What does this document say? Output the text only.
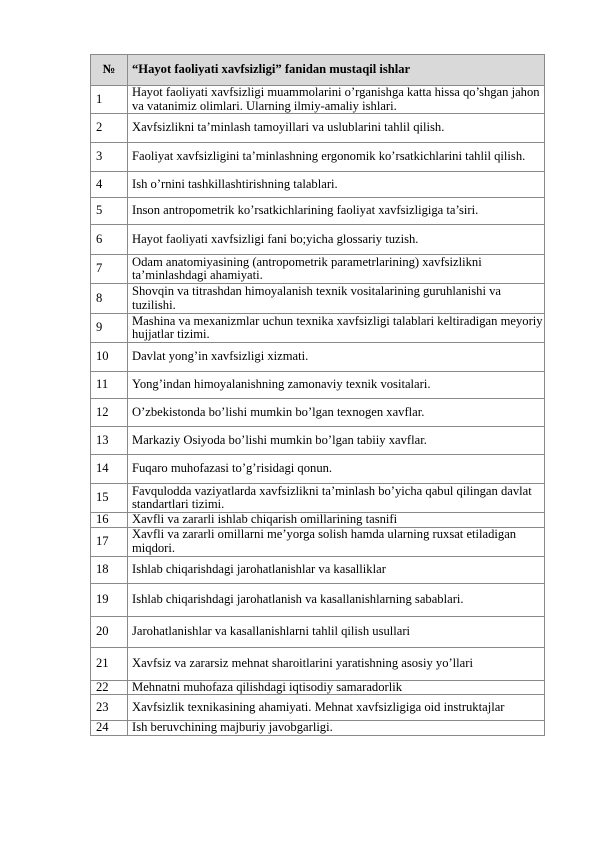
№	“Hayot faoliyati xavfsizligi” fanidan mustaqil ishlar
1	Hayot faoliyati xavfsizligi muammolarini o’rganishga katta hissa qo’shgan jahon va vatanimiz olimlari. Ularning ilmiy-amaliy ishlari.
2	Xavfsizlikni ta’minlash tamoyillari va uslublarini tahlil qilish.
3	Faoliyat xavfsizligini ta’minlashning ergonomik ko’rsatkichlarini tahlil qilish.
4	Ish o’rnini tashkillashtirishning talablari.
5	Inson antropometrik ko’rsatkichlarining faoliyat xavfsizligiga ta’siri.
6	Hayot faoliyati xavfsizligi fani bo;yicha glossariy tuzish.
7	Odam anatomiyasining (antropometrik parametrlarining) xavfsizlikni ta’minlashdagi ahamiyati.
8	Shovqin va titrashdan himoyalanish texnik vositalarining guruhlanishi va tuzilishi.
9	Mashina va mexanizmlar uchun texnika xavfsizligi talablari keltiradigan meyoriy hujjatlar tizimi.
10	Davlat yong’in xavfsizligi xizmati.
11	Yong’indan himoyalanishning zamonaviy texnik vositalari.
12	O’zbekistonda bo’lishi mumkin bo’lgan texnogen xavflar.
13	Markaziy Osiyoda bo’lishi mumkin bo’lgan tabiiy xavflar.
14	Fuqaro muhofazasi to’g’risidagi qonun.
15	Favqulodda vaziyatlarda xavfsizlikni ta’minlash bo’yicha qabul qilingan davlat standartlari tizimi.
16	Xavfli va zararli ishlab chiqarish omillarining tasnifi
17	Xavfli va zararli omillarni me’yorga solish hamda ularning ruxsat etiladigan miqdori.
18	Ishlab chiqarishdagi jarohatlanishlar va kasalliklar
19	Ishlab chiqarishdagi jarohatlanish va kasallanishlarning sabablari.
20	Jarohatlanishlar va kasallanishlarni tahlil qilish usullari
21	Xavfsiz va zararsiz mehnat sharoitlarini yaratishning asosiy yo’llari
22	Mehnatni muhofaza qilishdagi iqtisodiy samaradorlik
23	Xavfsizlik texnikasining ahamiyati. Mehnat xavfsizligiga oid instruktajlar
24	Ish beruvchining majburiy javobgarligi.
